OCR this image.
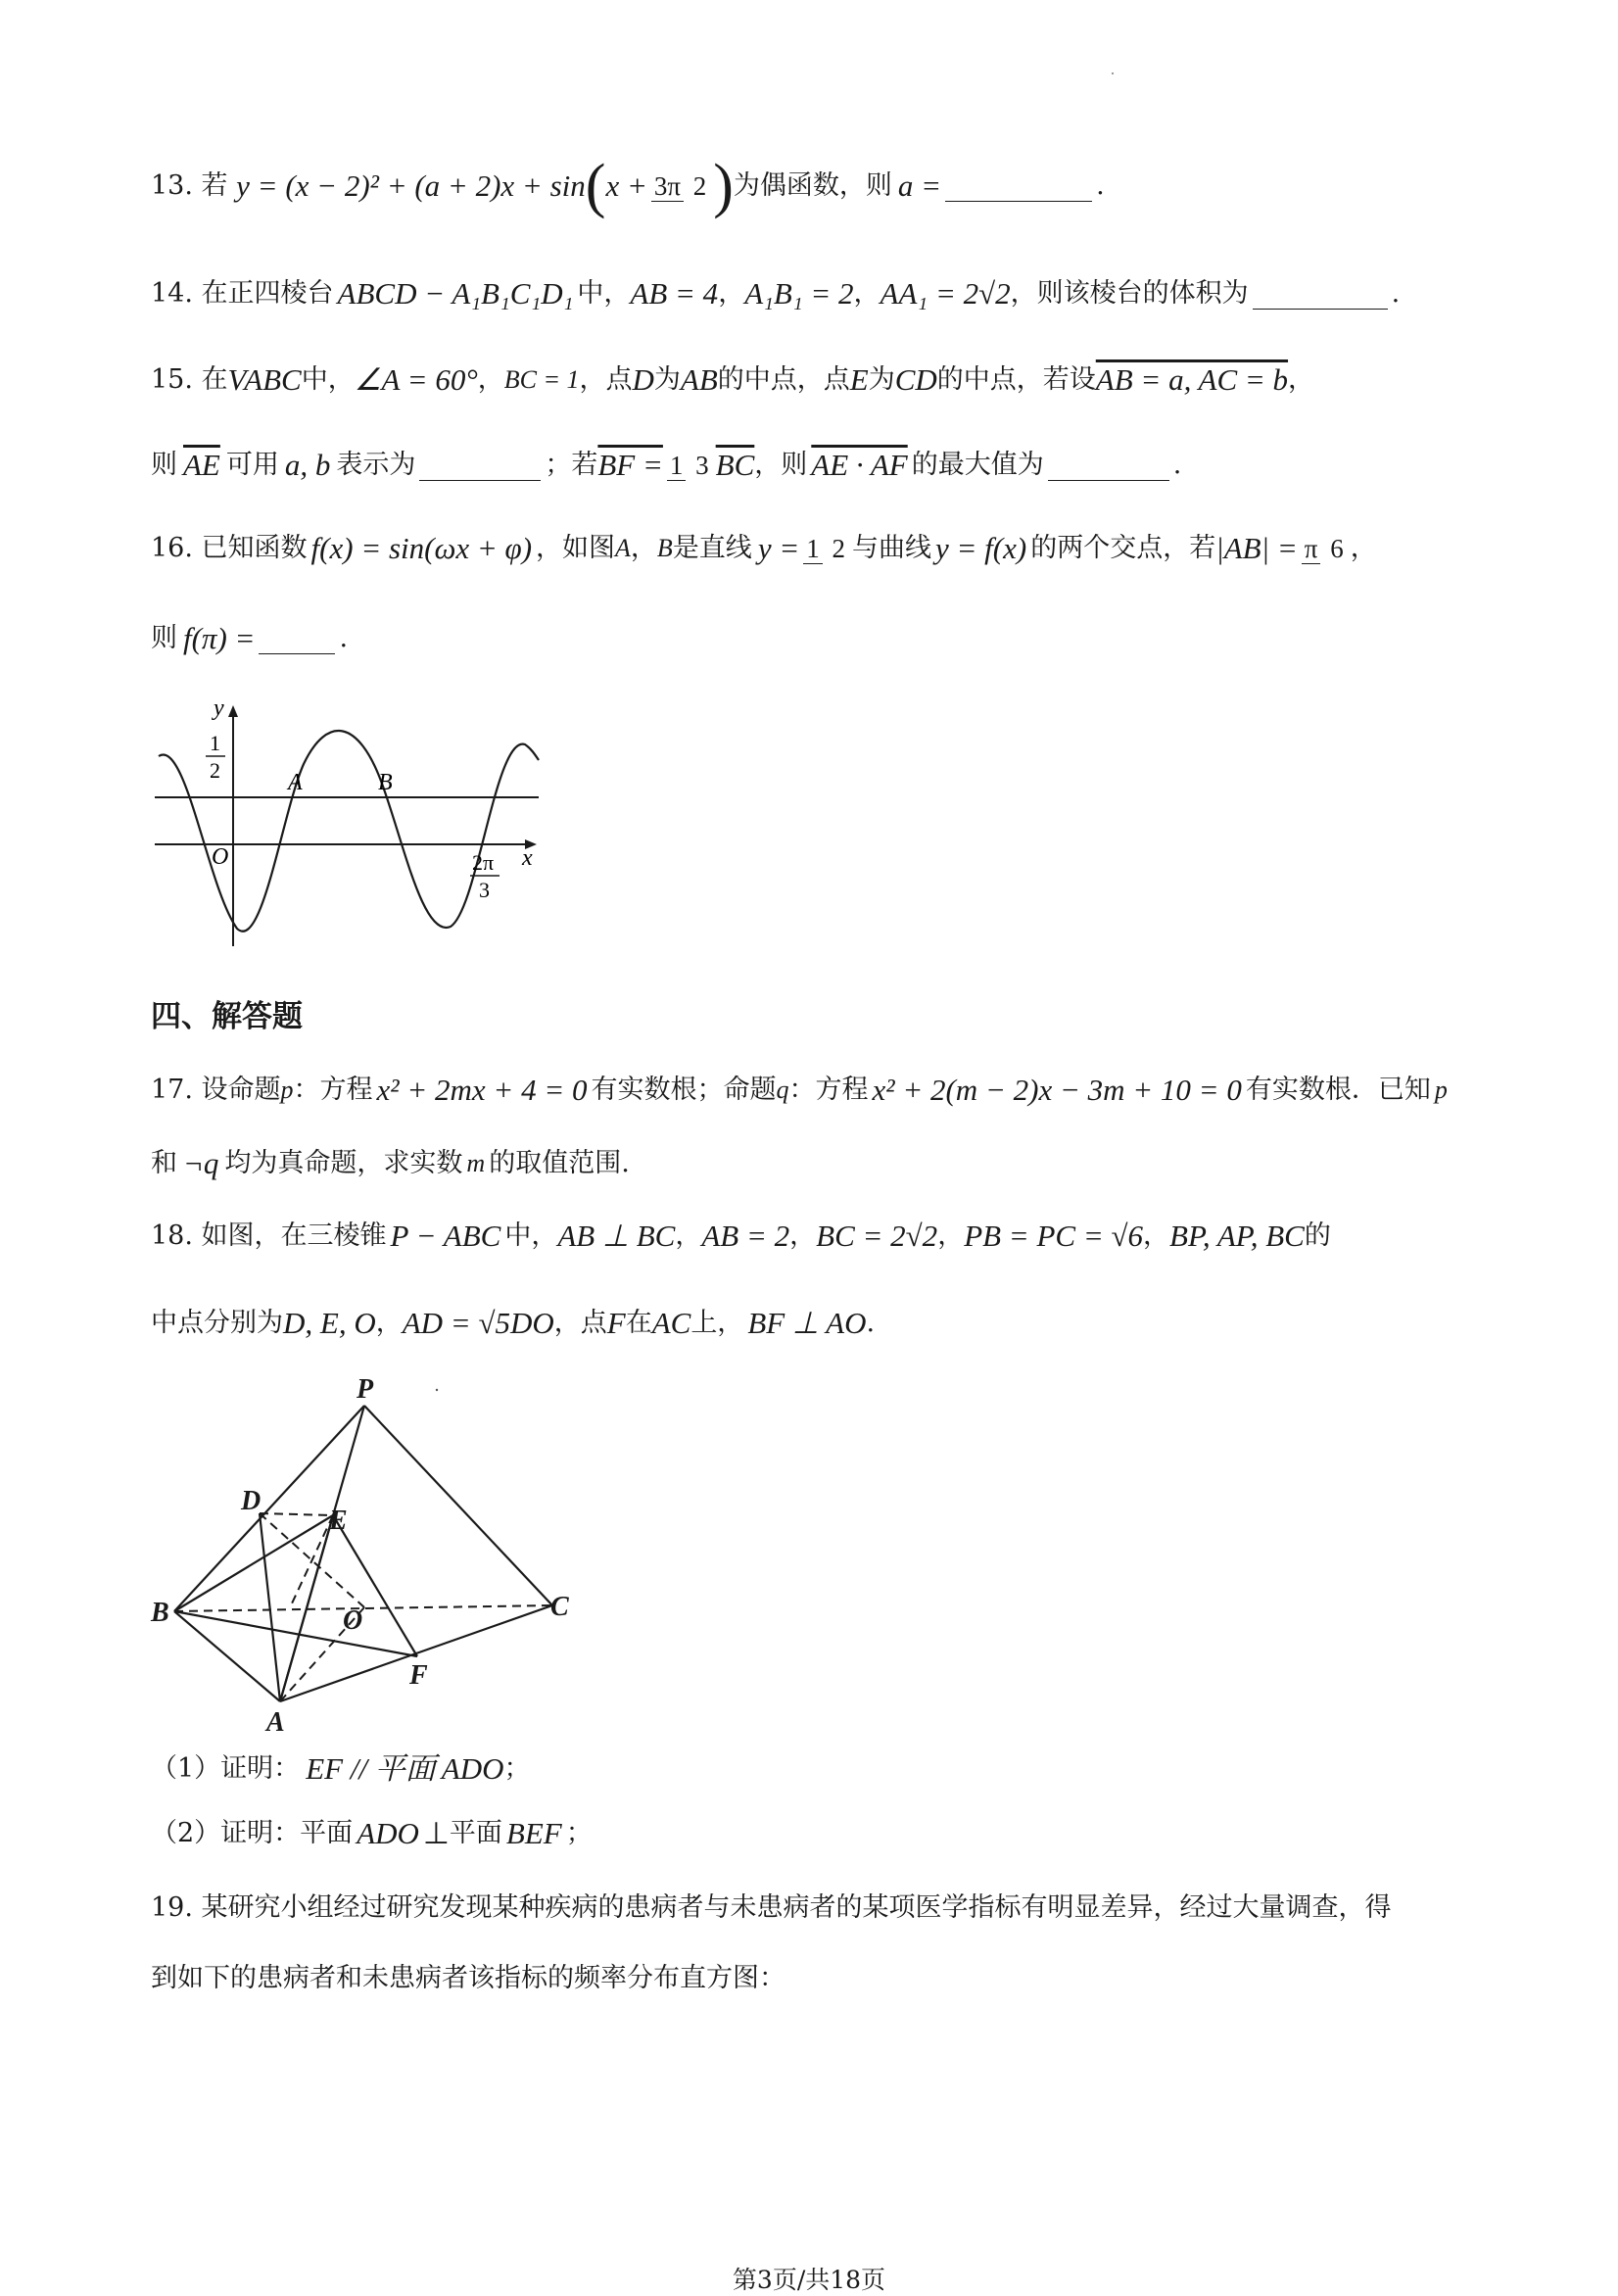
13.
若
y = (x − 2)² + (a + 2)x + sin ( x + 3π 2 ) 为偶函数，则 a =	.
14.
在正四棱台 ABCD − A₁B₁C₁D₁ 中， AB = 4 ， A₁B₁ = 2 ， AA₁ = 2√2 ，则该棱台的体积为	.
15.
在 VABC 中， ∠A = 60° ， BC = 1 ，点 D 为 AB 的中点，点 E 为 CD 的中点，若设 AB = a, AC = b ，
则 $\overline{AE}$ 可用 a, b 表示为	；若 BF = 1 3 $\overline{BC}$ ，则 AE · AF 的最大值为	.
16.
已知函数 f(x) = sin(ωx + φ) ，如图 A ， B 是直线 y = 1 2 与曲线 y = f(x) 的两个交点，若 |AB| = π 6 ，
则 f(π) =	.
y
x
O
1
2	A	B
2π
3
四、解答题
17.
设命题 p ：方程 x² + 2mx + 4 = 0 有实数根；命题 q ：方程 x² + 2(m − 2)x − 3m + 10 = 0 有实数根．已知 p
和 ¬q 均为真命题，求实数 m 的取值范围.
18.
如图，在三棱锥 P − ABC 中， AB ⊥ BC ， AB = 2 ， BC = 2√2 ， PB = PC = √6 ， BP, AP, BC 的
中点分别为 D, E, O ， AD = √5DO ，点 F 在 AC 上， BF ⊥ AO .
P
D
E
B	O	C
F
A
（1）证明： EF // 平面 ADO ；
（2）证明：平面 ADO ⊥ 平面 BEF ；
19.
某研究小组经过研究发现某种疾病的患病者与未患病者的某项医学指标有明显差异，经过大量调查，得
到如下的患病者和未患病者该指标的频率分布直方图：
第3页/共18页
